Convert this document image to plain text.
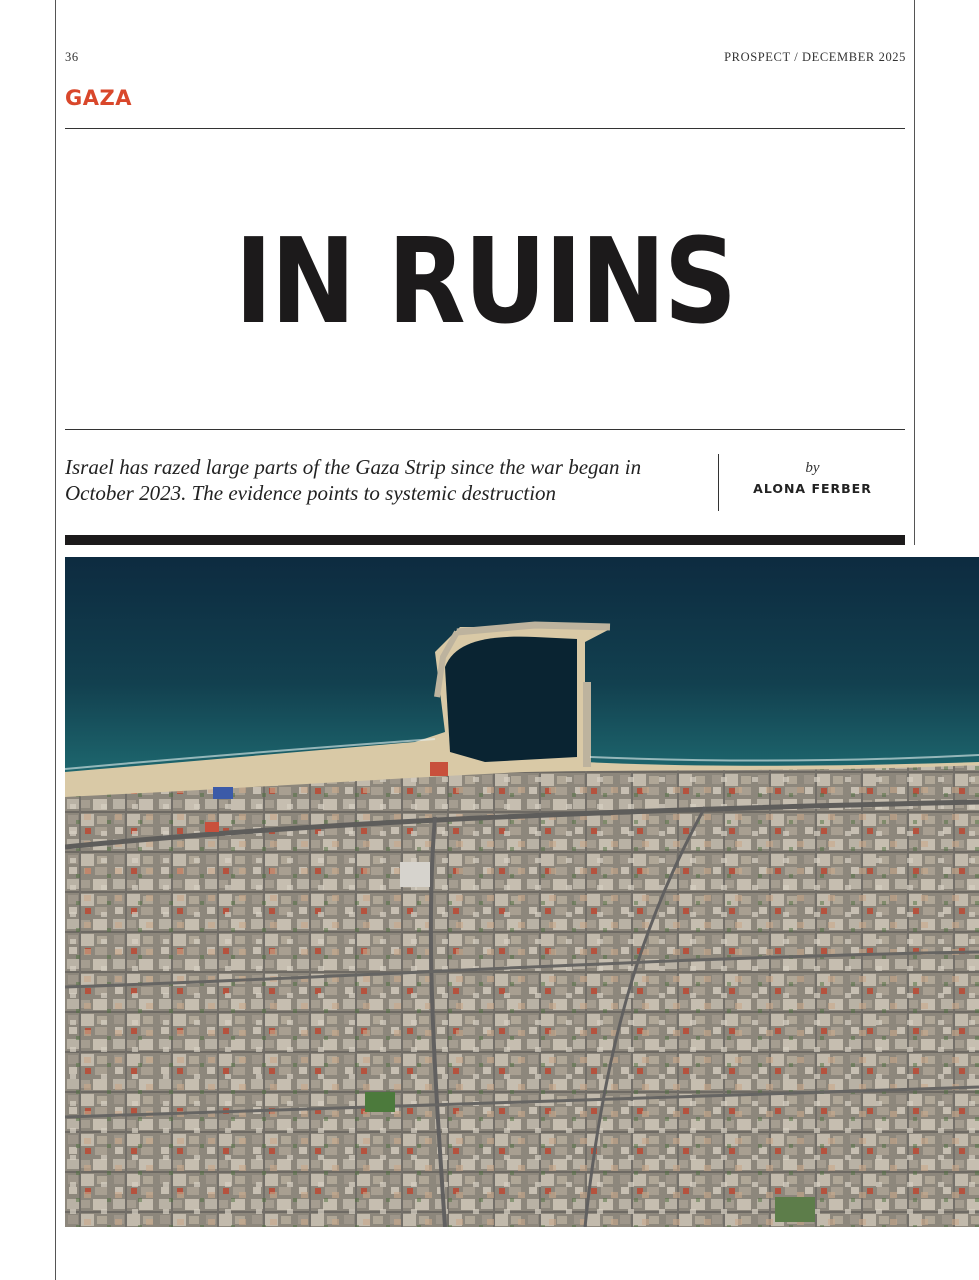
36	PROSPECT / DECEMBER 2025
GAZA
IN RUINS
Israel has razed large parts of the Gaza Strip since the war began in October 2023. The evidence points to systemic destruction
by
ALONA FERBER
